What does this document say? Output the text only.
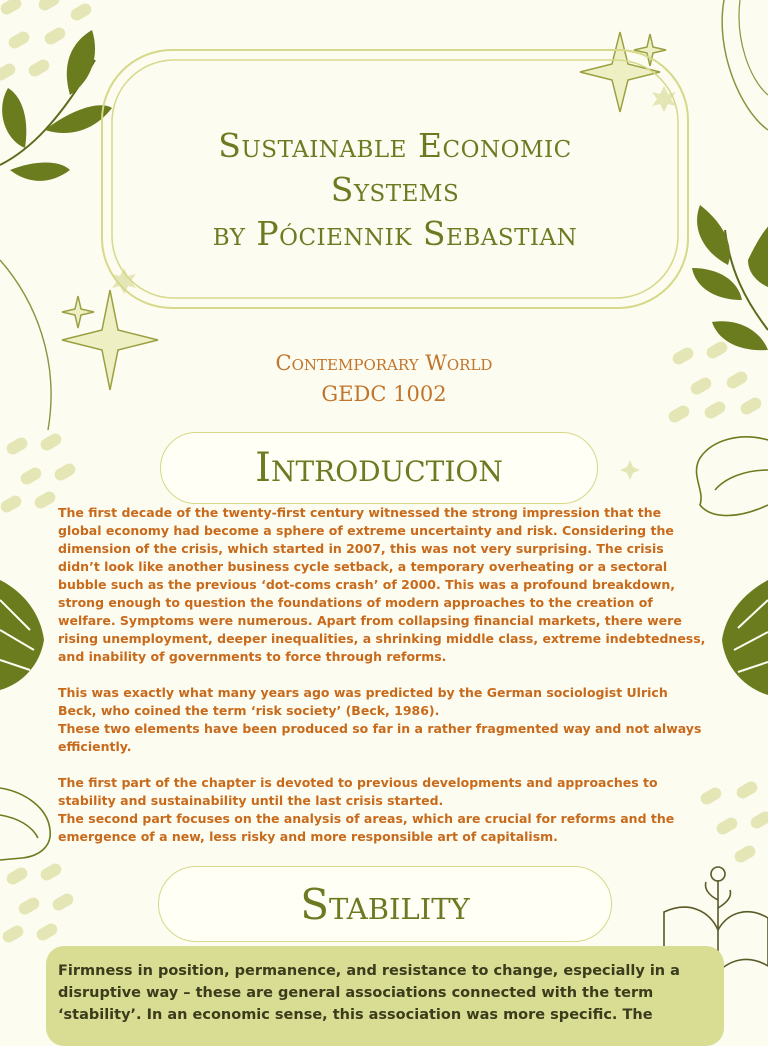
Sustainable Economic
Systems
by Póciennik Sebastian
Contemporary World
GEDC 1002
Introduction

The first decade of the twenty-first century witnessed the strong impression that the global economy had become a sphere of extreme uncertainty and risk. Considering the dimension of the crisis, which started in 2007, this was not very surprising. The crisis didn’t look like another business cycle setback, a temporary overheating or a sectoral bubble such as the previous ‘dot-coms crash’ of 2000. This was a profound breakdown, strong enough to question the foundations of modern approaches to the creation of welfare. Symptoms were numerous. Apart from collapsing financial markets, there were rising unemployment, deeper inequalities, a shrinking middle class, extreme indebtedness, and inability of governments to force through reforms.

This was exactly what many years ago was predicted by the German sociologist Ulrich Beck, who coined the term ‘risk society’ (Beck, 1986).

These two elements have been produced so far in a rather fragmented way and not always efficiently.

The first part of the chapter is devoted to previous developments and approaches to stability and sustainability until the last crisis started.

The second part focuses on the analysis of areas, which are crucial for reforms and the emergence of a new, less risky and more responsible art of capitalism.

Stability

Firmness in position, permanence, and resistance to change, especially in a disruptive way – these are general associations connected with the term ‘stability’. In an economic sense, this association was more specific. The
